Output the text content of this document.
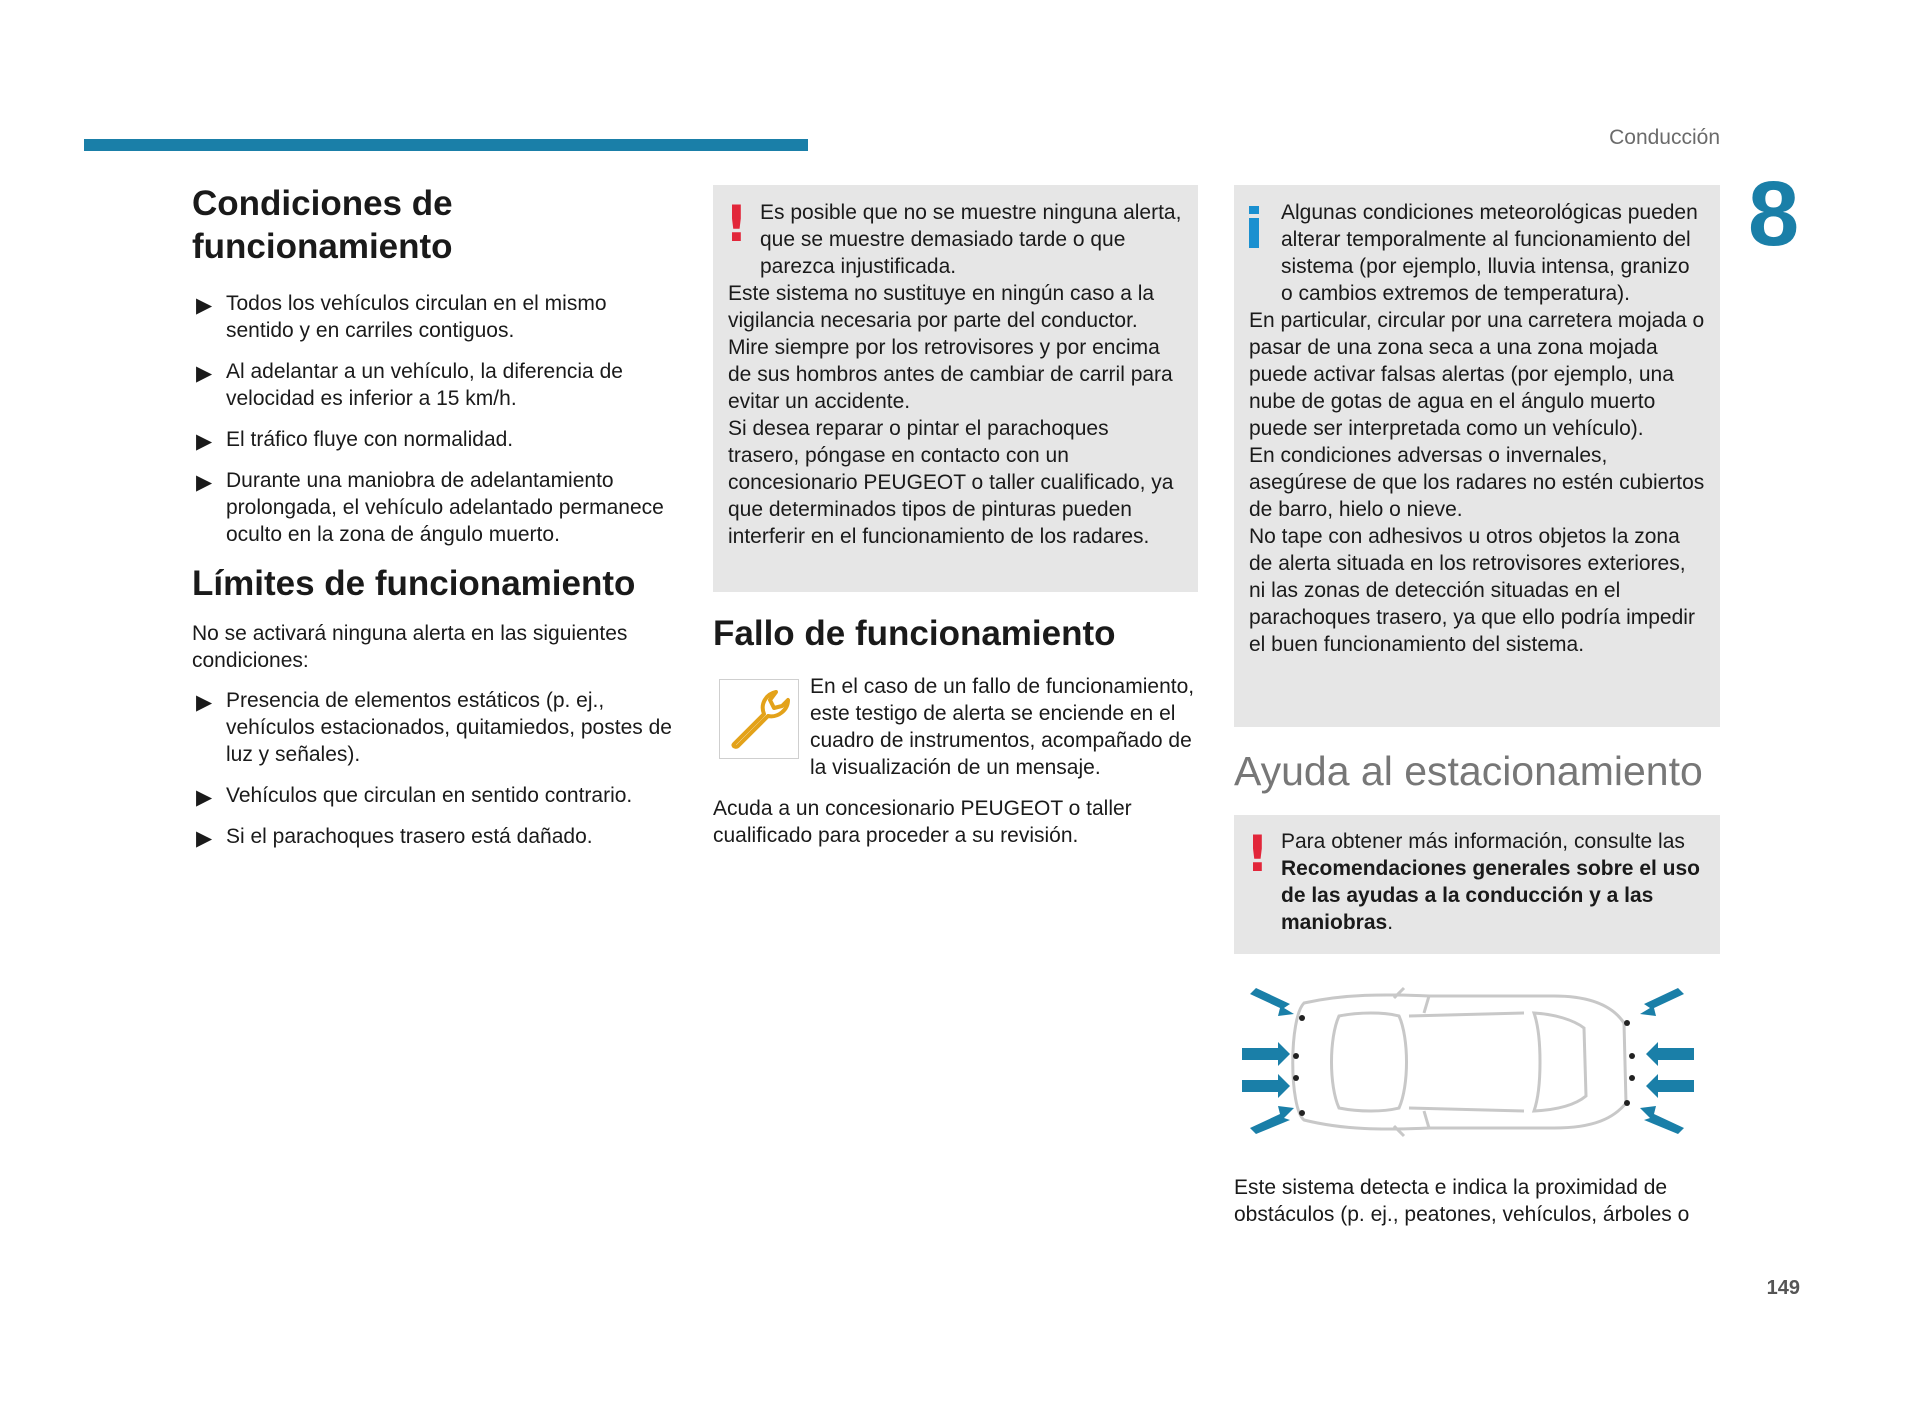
Conducción
8
Condiciones de funcionamiento
▶ Todos los vehículos circulan en el mismo sentido y en carriles contiguos.
▶ Al adelantar a un vehículo, la diferencia de velocidad es inferior a 15 km/h.
▶ El tráfico fluye con normalidad.
▶ Durante una maniobra de adelantamiento prolongada, el vehículo adelantado permanece oculto en la zona de ángulo muerto.
Límites de funcionamiento

No se activará ninguna alerta en las siguientes condiciones:

▶ Presencia de elementos estáticos (p. ej., vehículos estacionados, quitamiedos, postes de luz y señales).
▶ Vehículos que circulan en sentido contrario.
▶ Si el parachoques trasero está dañado.
! Es posible que no se muestre ninguna alerta, que se muestre demasiado tarde o que parezca injustificada.

Este sistema no sustituye en ningún caso a la vigilancia necesaria por parte del conductor.

Mire siempre por los retrovisores y por encima de sus hombros antes de cambiar de carril para evitar un accidente.

Si desea reparar o pintar el parachoques trasero, póngase en contacto con un concesionario PEUGEOT o taller cualificado, ya que determinados tipos de pinturas pueden interferir en el funcionamiento de los radares.

Fallo de funcionamiento

En el caso de un fallo de funcionamiento, este testigo de alerta se enciende en el cuadro de instrumentos, acompañado de la visualización de un mensaje.

Acuda a un concesionario PEUGEOT o taller cualificado para proceder a su revisión.

Algunas condiciones meteorológicas pueden alterar temporalmente al funcionamiento del sistema (por ejemplo, lluvia intensa, granizo o cambios extremos de temperatura).

En particular, circular por una carretera mojada o pasar de una zona seca a una zona mojada puede activar falsas alertas (por ejemplo, una nube de gotas de agua en el ángulo muerto puede ser interpretada como un vehículo).

En condiciones adversas o invernales, asegúrese de que los radares no estén cubiertos de barro, hielo o nieve.

No tape con adhesivos u otros objetos la zona de alerta situada en los retrovisores exteriores, ni las zonas de detección situadas en el parachoques trasero, ya que ello podría impedir el buen funcionamiento del sistema.

Ayuda al estacionamiento
! Para obtener más información, consulte las Recomendaciones generales sobre el uso de las ayudas a la conducción y a las maniobras.

Este sistema detecta e indica la proximidad de obstáculos (p. ej., peatones, vehículos, árboles o

149
